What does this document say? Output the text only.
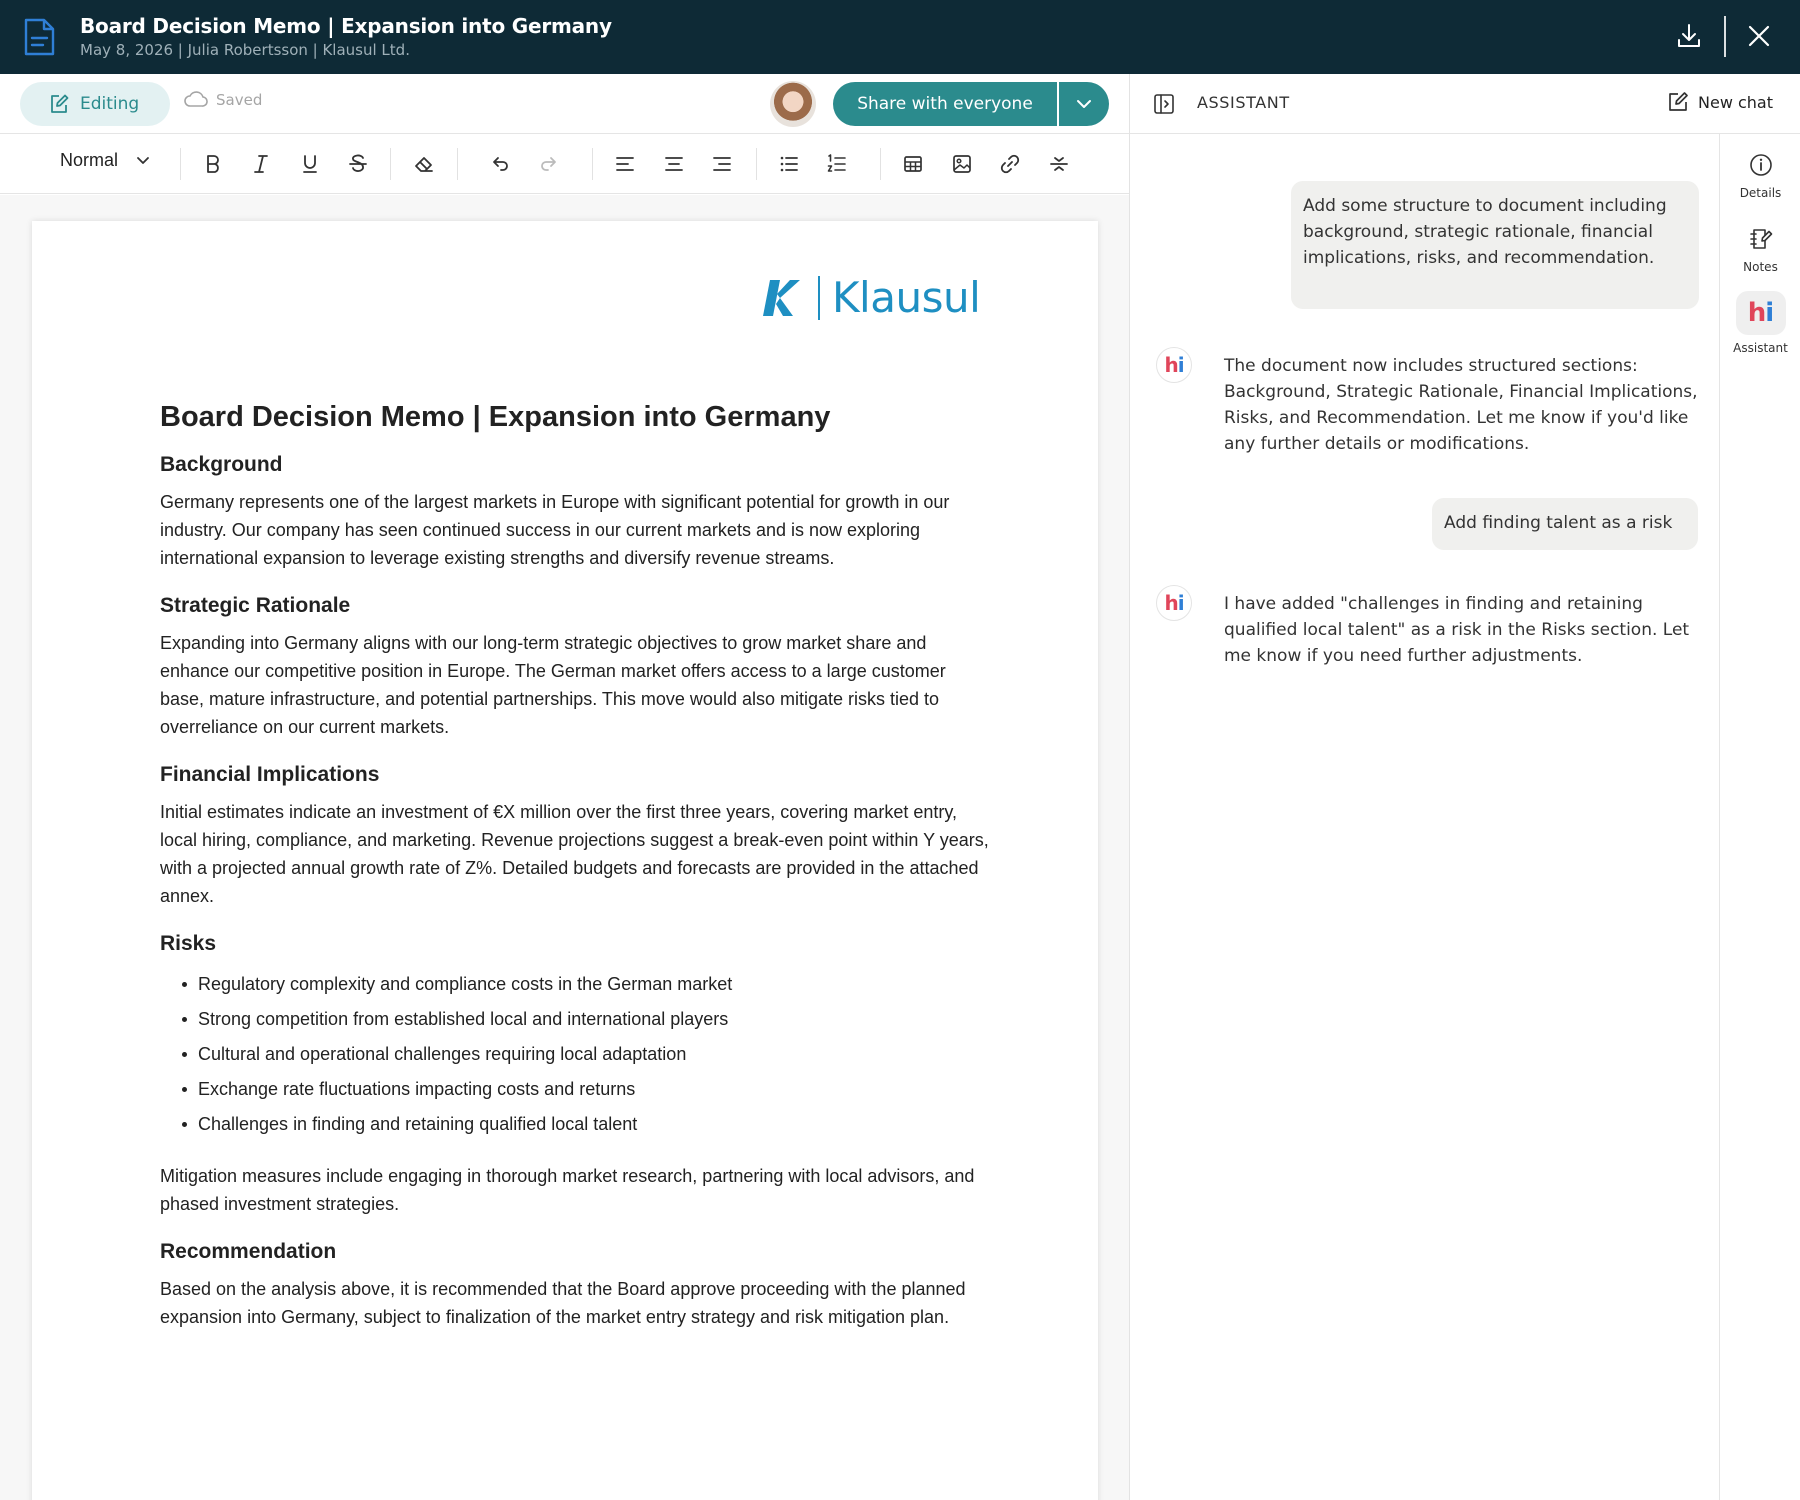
Board Decision Memo | Expansion into Germany
May 8, 2026 | Julia Robertsson | Klausul Ltd.
Editing	Saved	Share with everyone
Normal
Klausul
Board Decision Memo | Expansion into Germany
Background

Germany represents one of the largest markets in Europe with significant potential for growth in our industry. Our company has seen continued success in our current markets and is now exploring international expansion to leverage existing strengths and diversify revenue streams.

Strategic Rationale

Expanding into Germany aligns with our long-term strategic objectives to grow market share and enhance our competitive position in Europe. The German market offers access to a large customer base, mature infrastructure, and potential partnerships. This move would also mitigate risks tied to overreliance on our current markets.

Financial Implications

Initial estimates indicate an investment of €X million over the first three years, covering market entry, local hiring, compliance, and marketing. Revenue projections suggest a break-even point within Y years, with a projected annual growth rate of Z%. Detailed budgets and forecasts are provided in the attached annex.

Risks
Regulatory complexity and compliance costs in the German market
Strong competition from established local and international players
Cultural and operational challenges requiring local adaptation
Exchange rate fluctuations impacting costs and returns
Challenges in finding and retaining qualified local talent

Mitigation measures include engaging in thorough market research, partnering with local advisors, and phased investment strategies.

Recommendation

Based on the analysis above, it is recommended that the Board approve proceeding with the planned expansion into Germany, subject to finalization of the market entry strategy and risk mitigation plan.

ASSISTANT	New chat
Add some structure to document including background, strategic rationale, financial implications, risks, and recommendation.
hi The document now includes structured sections: Background, Strategic Rationale, Financial Implications, Risks, and Recommendation. Let me know if you'd like any further details or modifications.
Add finding talent as a risk
hi I have added "challenges in finding and retaining qualified local talent" as a risk in the Risks section. Let me know if you need further adjustments.
Details
Notes
hi
Assistant
